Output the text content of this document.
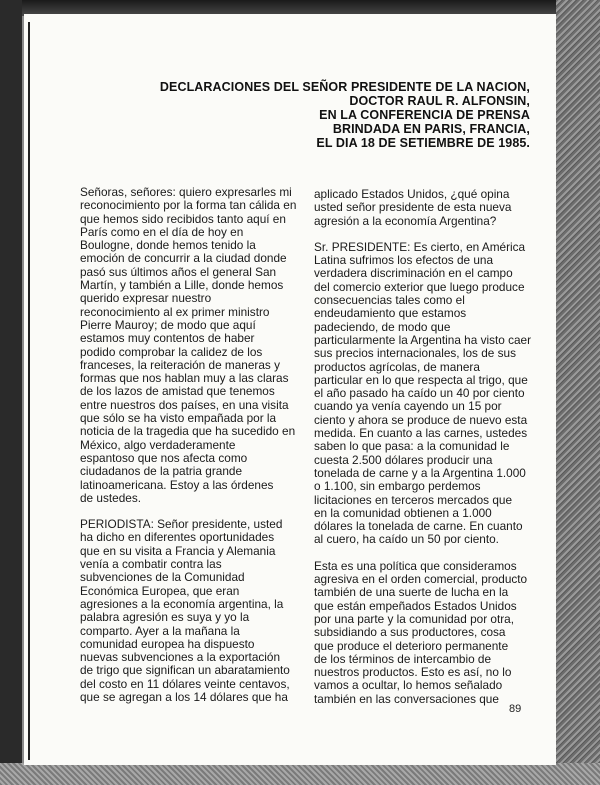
DECLARACIONES DEL SEÑOR PRESIDENTE DE LA NACION,
DOCTOR RAUL R. ALFONSIN,
EN LA CONFERENCIA DE PRENSA
BRINDADA EN PARIS, FRANCIA,
EL DIA 18 DE SETIEMBRE DE 1985.
Señoras, señores: quiero expresarles mi
reconocimiento por la forma tan cálida en
que hemos sido recibidos tanto aquí en
París como en el día de hoy en
Boulogne, donde hemos tenido la
emoción de concurrir a la ciudad donde
pasó sus últimos años el general San
Martín, y también a Lille, donde hemos
querido expresar nuestro
reconocimiento al ex primer ministro
Pierre Mauroy; de modo que aquí
estamos muy contentos de haber
podido comprobar la calidez de los
franceses, la reiteración de maneras y
formas que nos hablan muy a las claras
de los lazos de amistad que tenemos
entre nuestros dos países, en una visita
que sólo se ha visto empañada por la
noticia de la tragedia que ha sucedido en
México, algo verdaderamente
espantoso que nos afecta como
ciudadanos de la patria grande
latinoamericana. Estoy a las órdenes
de ustedes.
PERIODISTA: Señor presidente, usted
ha dicho en diferentes oportunidades
que en su visita a Francia y Alemania
venía a combatir contra las
subvenciones de la Comunidad
Económica Europea, que eran
agresiones a la economía argentina, la
palabra agresión es suya y yo la
comparto. Ayer a la mañana la
comunidad europea ha dispuesto
nuevas subvenciones a la exportación
de trigo que significan un abaratamiento
del costo en 11 dólares veinte centavos,
que se agregan a los 14 dólares que ha
aplicado Estados Unidos, ¿qué opina
usted señor presidente de esta nueva
agresión a la economía Argentina?
Sr. PRESIDENTE: Es cierto, en América
Latina sufrimos los efectos de una
verdadera discriminación en el campo
del comercio exterior que luego produce
consecuencias tales como el
endeudamiento que estamos
padeciendo, de modo que
particularmente la Argentina ha visto caer
sus precios internacionales, los de sus
productos agrícolas, de manera
particular en lo que respecta al trigo, que
el año pasado ha caído un 40 por ciento
cuando ya venía cayendo un 15 por
ciento y ahora se produce de nuevo esta
medida. En cuanto a las carnes, ustedes
saben lo que pasa: a la comunidad le
cuesta 2.500 dólares producir una
tonelada de carne y a la Argentina 1.000
o 1.100, sin embargo perdemos
licitaciones en terceros mercados que
en la comunidad obtienen a 1.000
dólares la tonelada de carne. En cuanto
al cuero, ha caído un 50 por ciento.
Esta es una política que consideramos
agresiva en el orden comercial, producto
también de una suerte de lucha en la
que están empeñados Estados Unidos
por una parte y la comunidad por otra,
subsidiando a sus productores, cosa
que produce el deterioro permanente
de los términos de intercambio de
nuestros productos. Esto es así, no lo
vamos a ocultar, lo hemos señalado
también en las conversaciones que
89
